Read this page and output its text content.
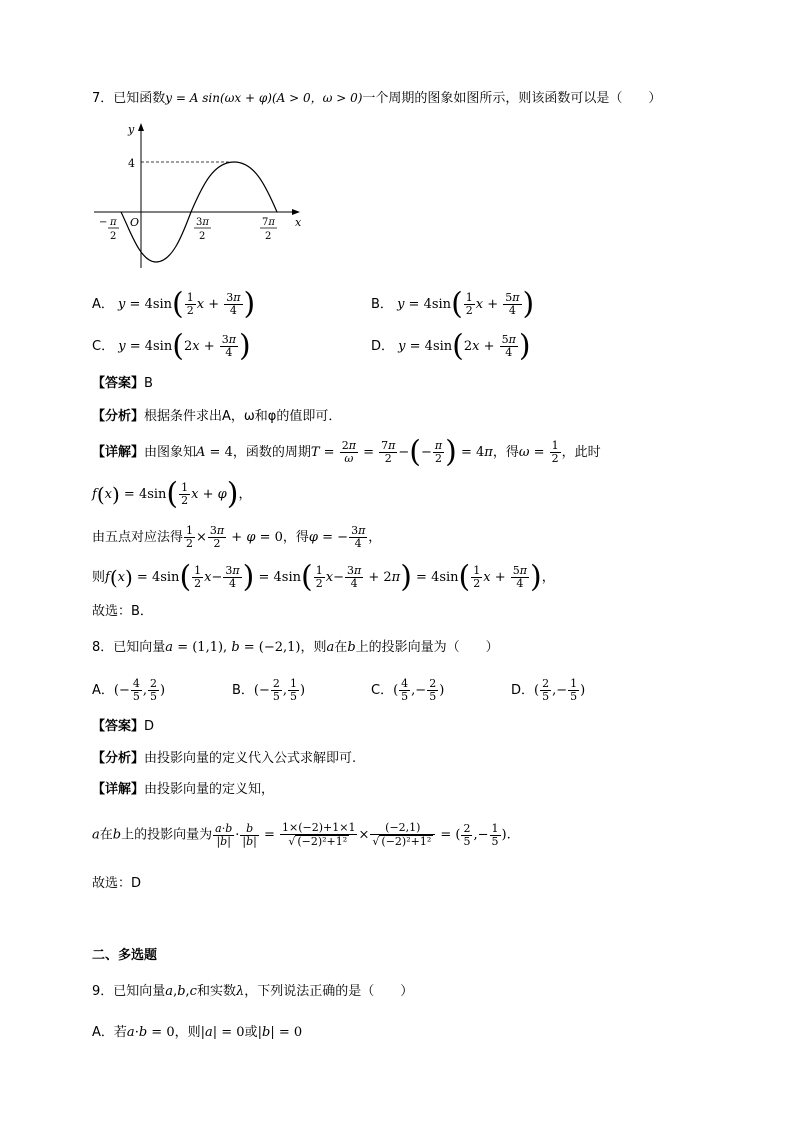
7．已知函数y = A sin(ωx + φ)(A > 0，ω > 0)一个周期的图象如图所示，则该函数可以是（　　）
y
x
O
4
− π
2
3π
2
7π
2
A． $y = 4\sin( \frac{1}{2}$ $x + \frac{3\pi}{4}$ )	B． $y = 4\sin( \frac{1}{2}$ $x + \frac{5\pi}{4}$ )
C． $y = 4\sin(2x + \frac{3\pi}{4}$ )	D． $y = 4\sin(2x + \frac{5\pi}{4}$ )
【答案】B
【分析】根据条件求出A，ω和φ的值即可．
【详解】由图象知A = 4，函数的周期$T = \frac{2\pi}{\omega} = \frac{7\pi}{2}$ −(− $\frac{\pi}{2}$ ) = 4π，得$\omega = \frac{1}{2}$ ，此时
$f(x) = 4\sin( \frac{1}{2}$ x + φ)，
由五点对应法得 $\frac{1}{2} \times \frac{3\pi}{2} + \varphi = 0$，得φ = − $\frac{3\pi}{4}$ ，
则$f(x) = 4\sin( \frac{1}{2} x- \frac{3\pi}{4}$ ) = $4\sin( \frac{1}{2} x- \frac{3\pi}{4} + 2\pi) = 4\sin( \frac{1}{2}$ $x + \frac{5\pi}{4}$ )，
故选：B．
8．已知向量a = (1,1), b = (−2,1)，则a在b上的投影向量为（　　）
A．(− $\frac{4}{5}$ , $\frac{2}{5}$ )	B．(− $\frac{2}{5}$ , $\frac{1}{5}$ )	C．( $\frac{4}{5}$ ,− $\frac{2}{5}$ )	D．( $\frac{2}{5}$ ,− $\frac{1}{5}$ )
【答案】D
【分析】由投影向量的定义代入公式求解即可.
【详解】由投影向量的定义知，
a在b上的投影向量为 $\frac{a\cdot b}{|b|} \cdot \frac{b}{|b|} = \frac{1\times(-2)+1\times 1}{\text{√ (−2)²+1²}} \times \frac{(-2,1)}{\text{√ (−2)²+1²}}$ = ( $\frac{2}{5}$ ,− $\frac{1}{5}$ ).
故选：D
二、多选题
9．已知向量a,b,c和实数λ，下列说法正确的是（　　）
A．若a·b = 0，则|a| = 0或|b| = 0
